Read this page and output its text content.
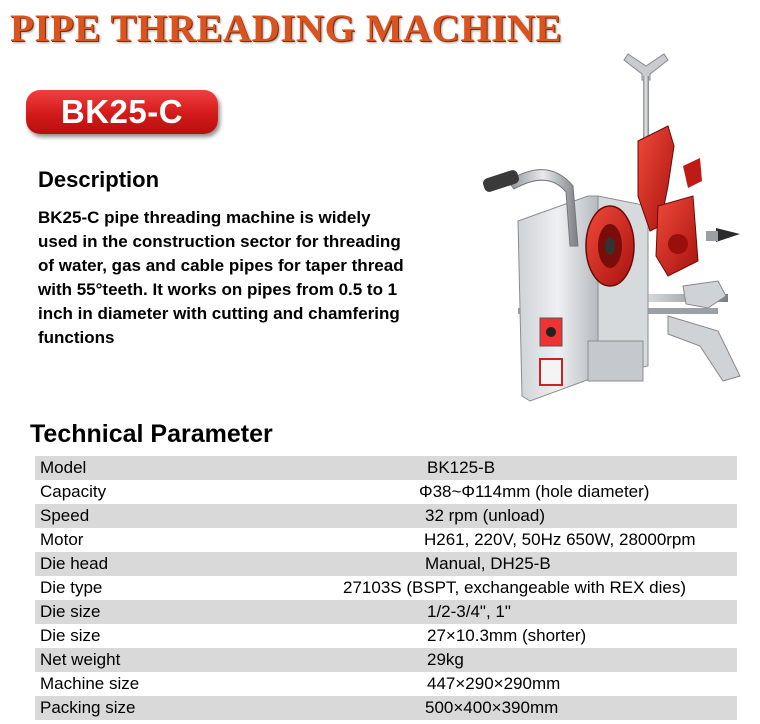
PIPE THREADING MACHINE
BK25-C
Description
BK25-C pipe threading machine is widely
used in the construction sector for threading
of water, gas and cable pipes for taper thread
with 55°teeth. It works on pipes from 0.5 to 1
inch in diameter with cutting and chamfering
functions
Technical Parameter
Model	BK125-B
Capacity	Φ38~Φ114mm (hole diameter)
Speed	32 rpm (unload)
Motor	H261, 220V, 50Hz 650W, 28000rpm
Die head	Manual, DH25-B
Die type	27103S (BSPT, exchangeable with REX dies)
Die size	1/2-3/4", 1"
Die size	27×10.3mm (shorter)
Net weight	29kg
Machine size	447×290×290mm
Packing size	500×400×390mm
